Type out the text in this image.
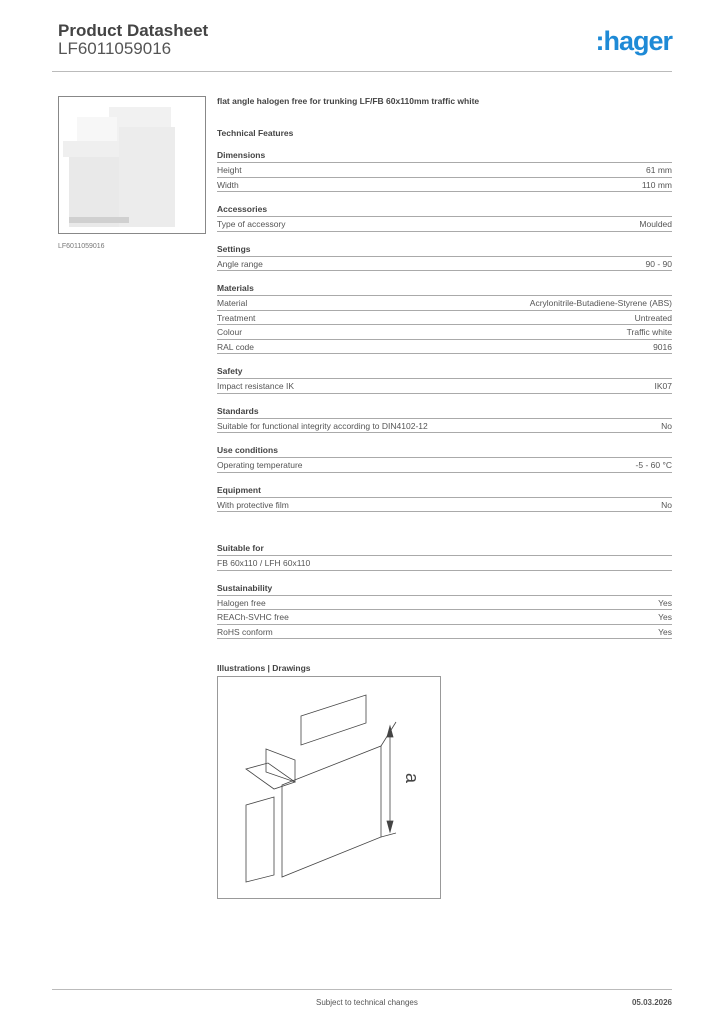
Product Datasheet
LF6011059016	:hager
LF6011059016
flat angle halogen free for trunking LF/FB 60x110mm traffic white
Technical Features
Dimensions
Height	61 mm
Width	110 mm
Accessories
Type of accessory	Moulded
Settings
Angle range	90 - 90
Materials
Material	Acrylonitrile-Butadiene-Styrene (ABS)
Treatment	Untreated
Colour	Traffic white
RAL code	9016
Safety
Impact resistance IK	IK07
Standards
Suitable for functional integrity according to DIN4102-12	No
Use conditions
Operating temperature	-5 - 60 °C
Equipment
With protective film	No
Suitable for
FB 60x110 / LFH 60x110
Sustainability
Halogen free	Yes
REACh-SVHC free	Yes
RoHS conform	Yes
Illustrations | Drawings
a
Subject to technical changes	05.03.2026
